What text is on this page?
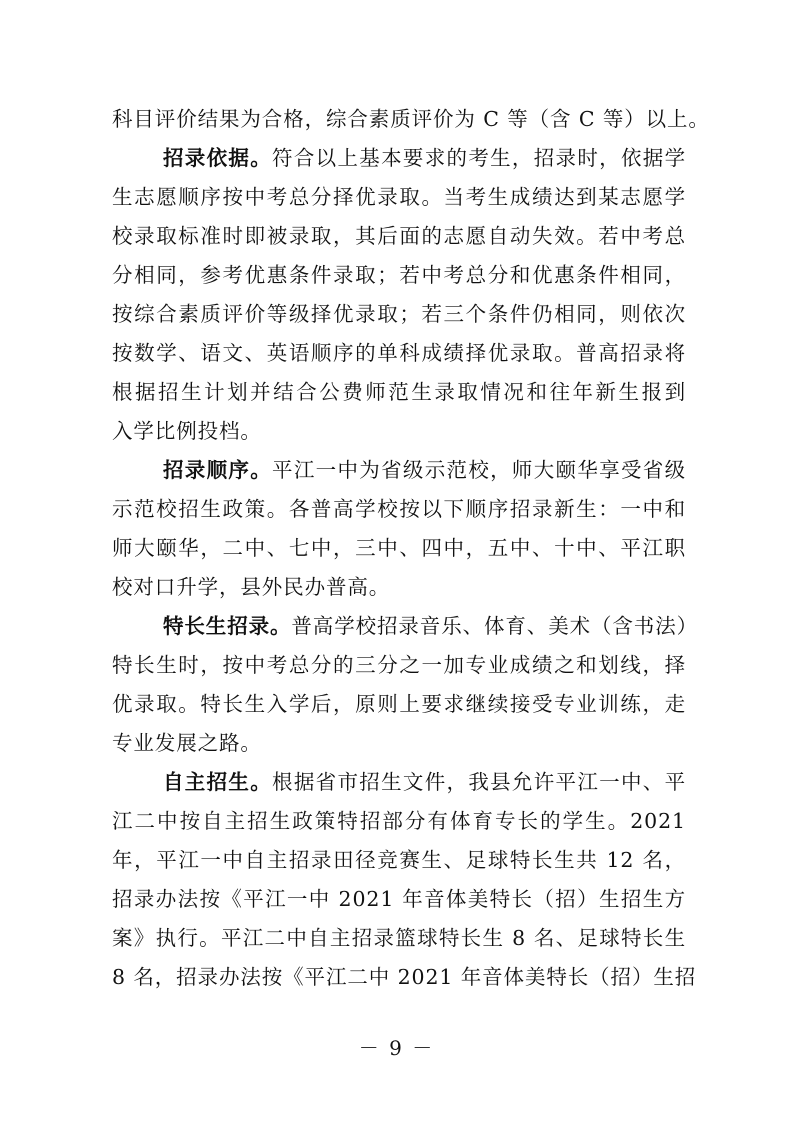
科目评价结果为合格，综合素质评价为 C 等（含 C 等）以上。
招录依据。符合以上基本要求的考生，招录时，依据学
生志愿顺序按中考总分择优录取。当考生成绩达到某志愿学
校录取标准时即被录取，其后面的志愿自动失效。若中考总
分相同，参考优惠条件录取；若中考总分和优惠条件相同，
按综合素质评价等级择优录取；若三个条件仍相同，则依次
按数学、语文、英语顺序的单科成绩择优录取。普高招录将
根据招生计划并结合公费师范生录取情况和往年新生报到
入学比例投档。
招录顺序。平江一中为省级示范校，师大颐华享受省级
示范校招生政策。各普高学校按以下顺序招录新生：一中和
师大颐华，二中、七中，三中、四中，五中、十中、平江职
校对口升学，县外民办普高。
特长生招录。普高学校招录音乐、体育、美术（含书法）
特长生时，按中考总分的三分之一加专业成绩之和划线，择
优录取。特长生入学后，原则上要求继续接受专业训练，走
专业发展之路。
自主招生。根据省市招生文件，我县允许平江一中、平
江二中按自主招生政策特招部分有体育专长的学生。2021
年，平江一中自主招录田径竞赛生、足球特长生共 12 名，
招录办法按《平江一中 2021 年音体美特长（招）生招生方
案》执行。平江二中自主招录篮球特长生 8 名、足球特长生
8 名，招录办法按《平江二中 2021 年音体美特长（招）生招
－ 9 －
